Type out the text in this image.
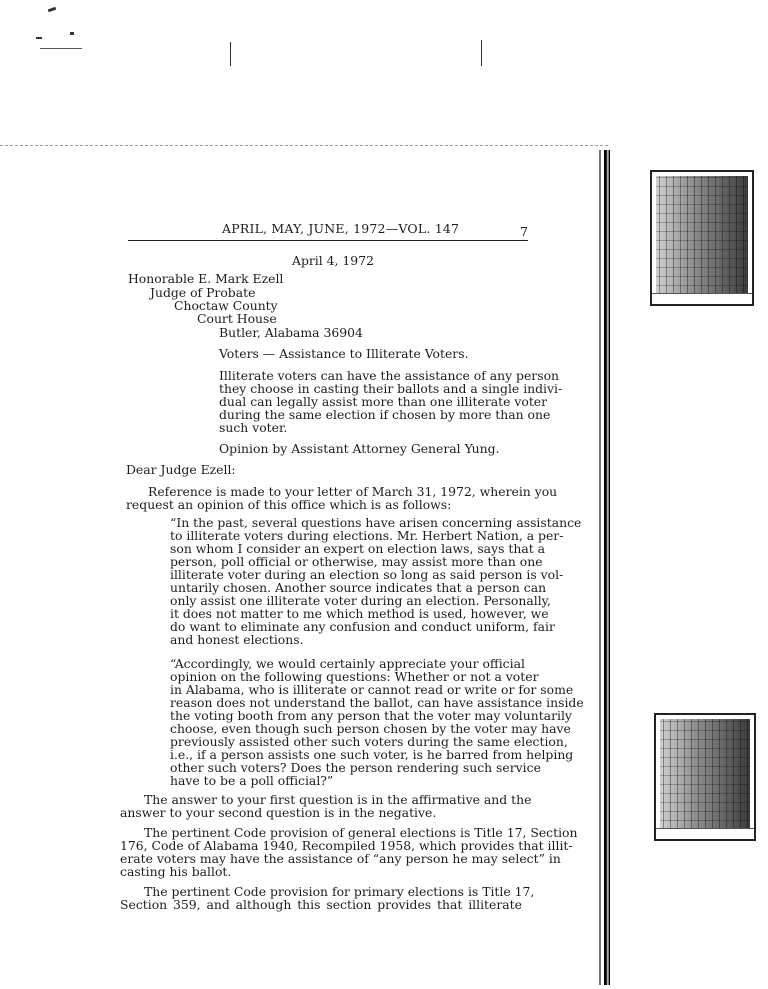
APRIL, MAY, JUNE, 1972—VOL. 147	7
April 4, 1972
Honorable E. Mark Ezell
Judge of Probate
Choctaw County
Court House
Butler, Alabama 36904
Voters — Assistance to Illiterate Voters.
Illiterate voters can have the assistance of any person
they choose in casting their ballots and a single indivi-
dual can legally assist more than one illiterate voter
during the same election if chosen by more than one
such voter.
Opinion by Assistant Attorney General Yung.
Dear Judge Ezell:
Reference is made to your letter of March 31, 1972, wherein you
request an opinion of this office which is as follows:
“In the past, several questions have arisen concerning assistance
to illiterate voters during elections. Mr. Herbert Nation, a per-
son whom I consider an expert on election laws, says that a
person, poll official or otherwise, may assist more than one
illiterate voter during an election so long as said person is vol-
untarily chosen. Another source indicates that a person can
only assist one illiterate voter during an election. Personally,
it does not matter to me which method is used, however, we
do want to eliminate any confusion and conduct uniform, fair
and honest elections.
“Accordingly, we would certainly appreciate your official
opinion on the following questions: Whether or not a voter
in Alabama, who is illiterate or cannot read or write or for some
reason does not understand the ballot, can have assistance inside
the voting booth from any person that the voter may voluntarily
choose, even though such person chosen by the voter may have
previously assisted other such voters during the same election,
i.e., if a person assists one such voter, is he barred from helping
other such voters? Does the person rendering such service
have to be a poll official?”
The answer to your first question is in the affirmative and the
answer to your second question is in the negative.
The pertinent Code provision of general elections is Title 17, Section
176, Code of Alabama 1940, Recompiled 1958, which provides that illit-
erate voters may have the assistance of “any person he may select” in
casting his ballot.
The pertinent Code provision for primary elections is Title 17,
Section 359, and although this section provides that illiterate
